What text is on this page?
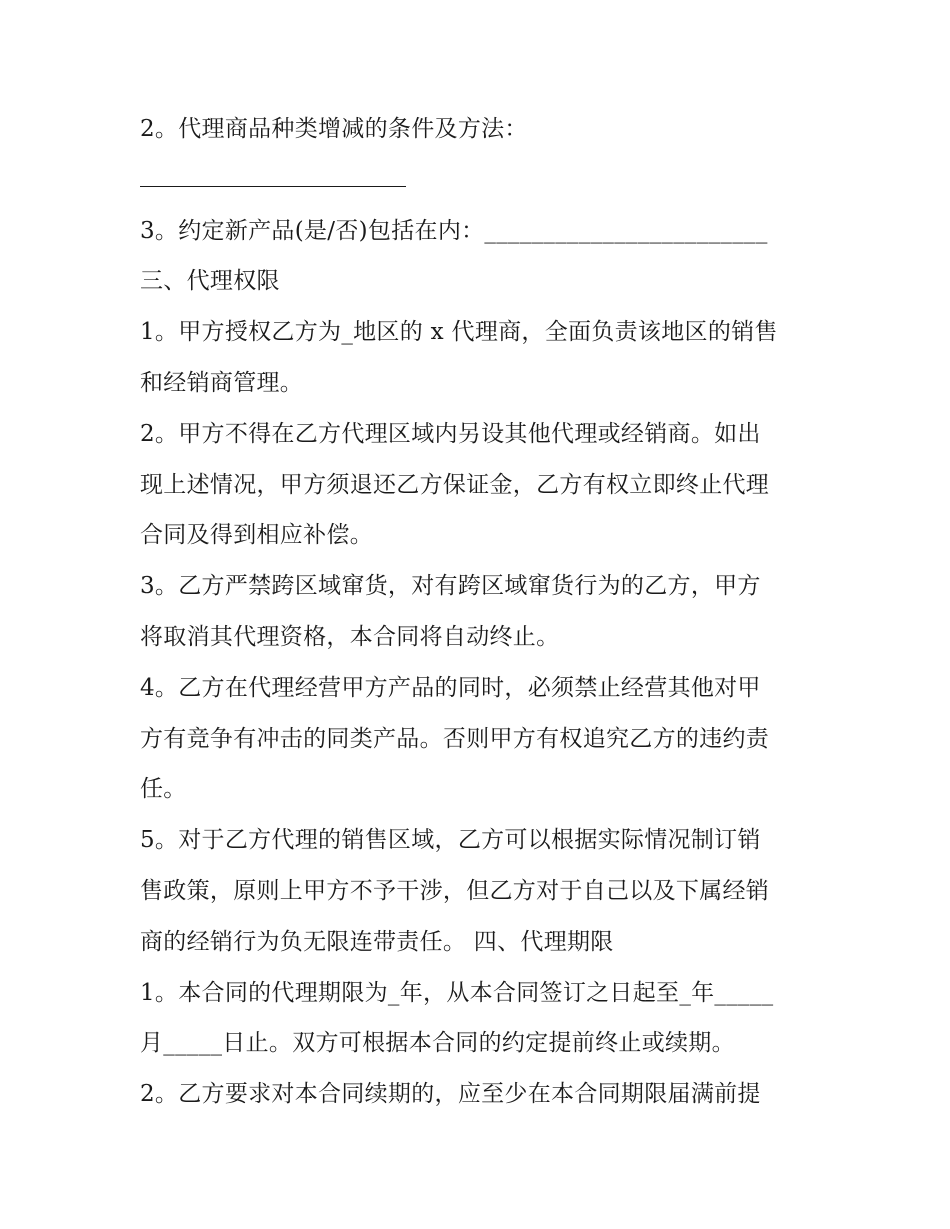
2。代理商品种类增减的条件及方法：
3。约定新产品(是/否)包括在内：________________________
三、代理权限
1。甲方授权乙方为_地区的 x 代理商，全面负责该地区的销售
和经销商管理。
2。甲方不得在乙方代理区域内另设其他代理或经销商。如出
现上述情况，甲方须退还乙方保证金，乙方有权立即终止代理
合同及得到相应补偿。
3。乙方严禁跨区域窜货，对有跨区域窜货行为的乙方，甲方
将取消其代理资格，本合同将自动终止。
4。乙方在代理经营甲方产品的同时，必须禁止经营其他对甲
方有竞争有冲击的同类产品。否则甲方有权追究乙方的违约责
任。
5。对于乙方代理的销售区域，乙方可以根据实际情况制订销
售政策，原则上甲方不予干涉，但乙方对于自己以及下属经销
商的经销行为负无限连带责任。 四、代理期限
1。本合同的代理期限为_年，从本合同签订之日起至_年_____
月_____日止。双方可根据本合同的约定提前终止或续期。
2。乙方要求对本合同续期的，应至少在本合同期限届满前提
